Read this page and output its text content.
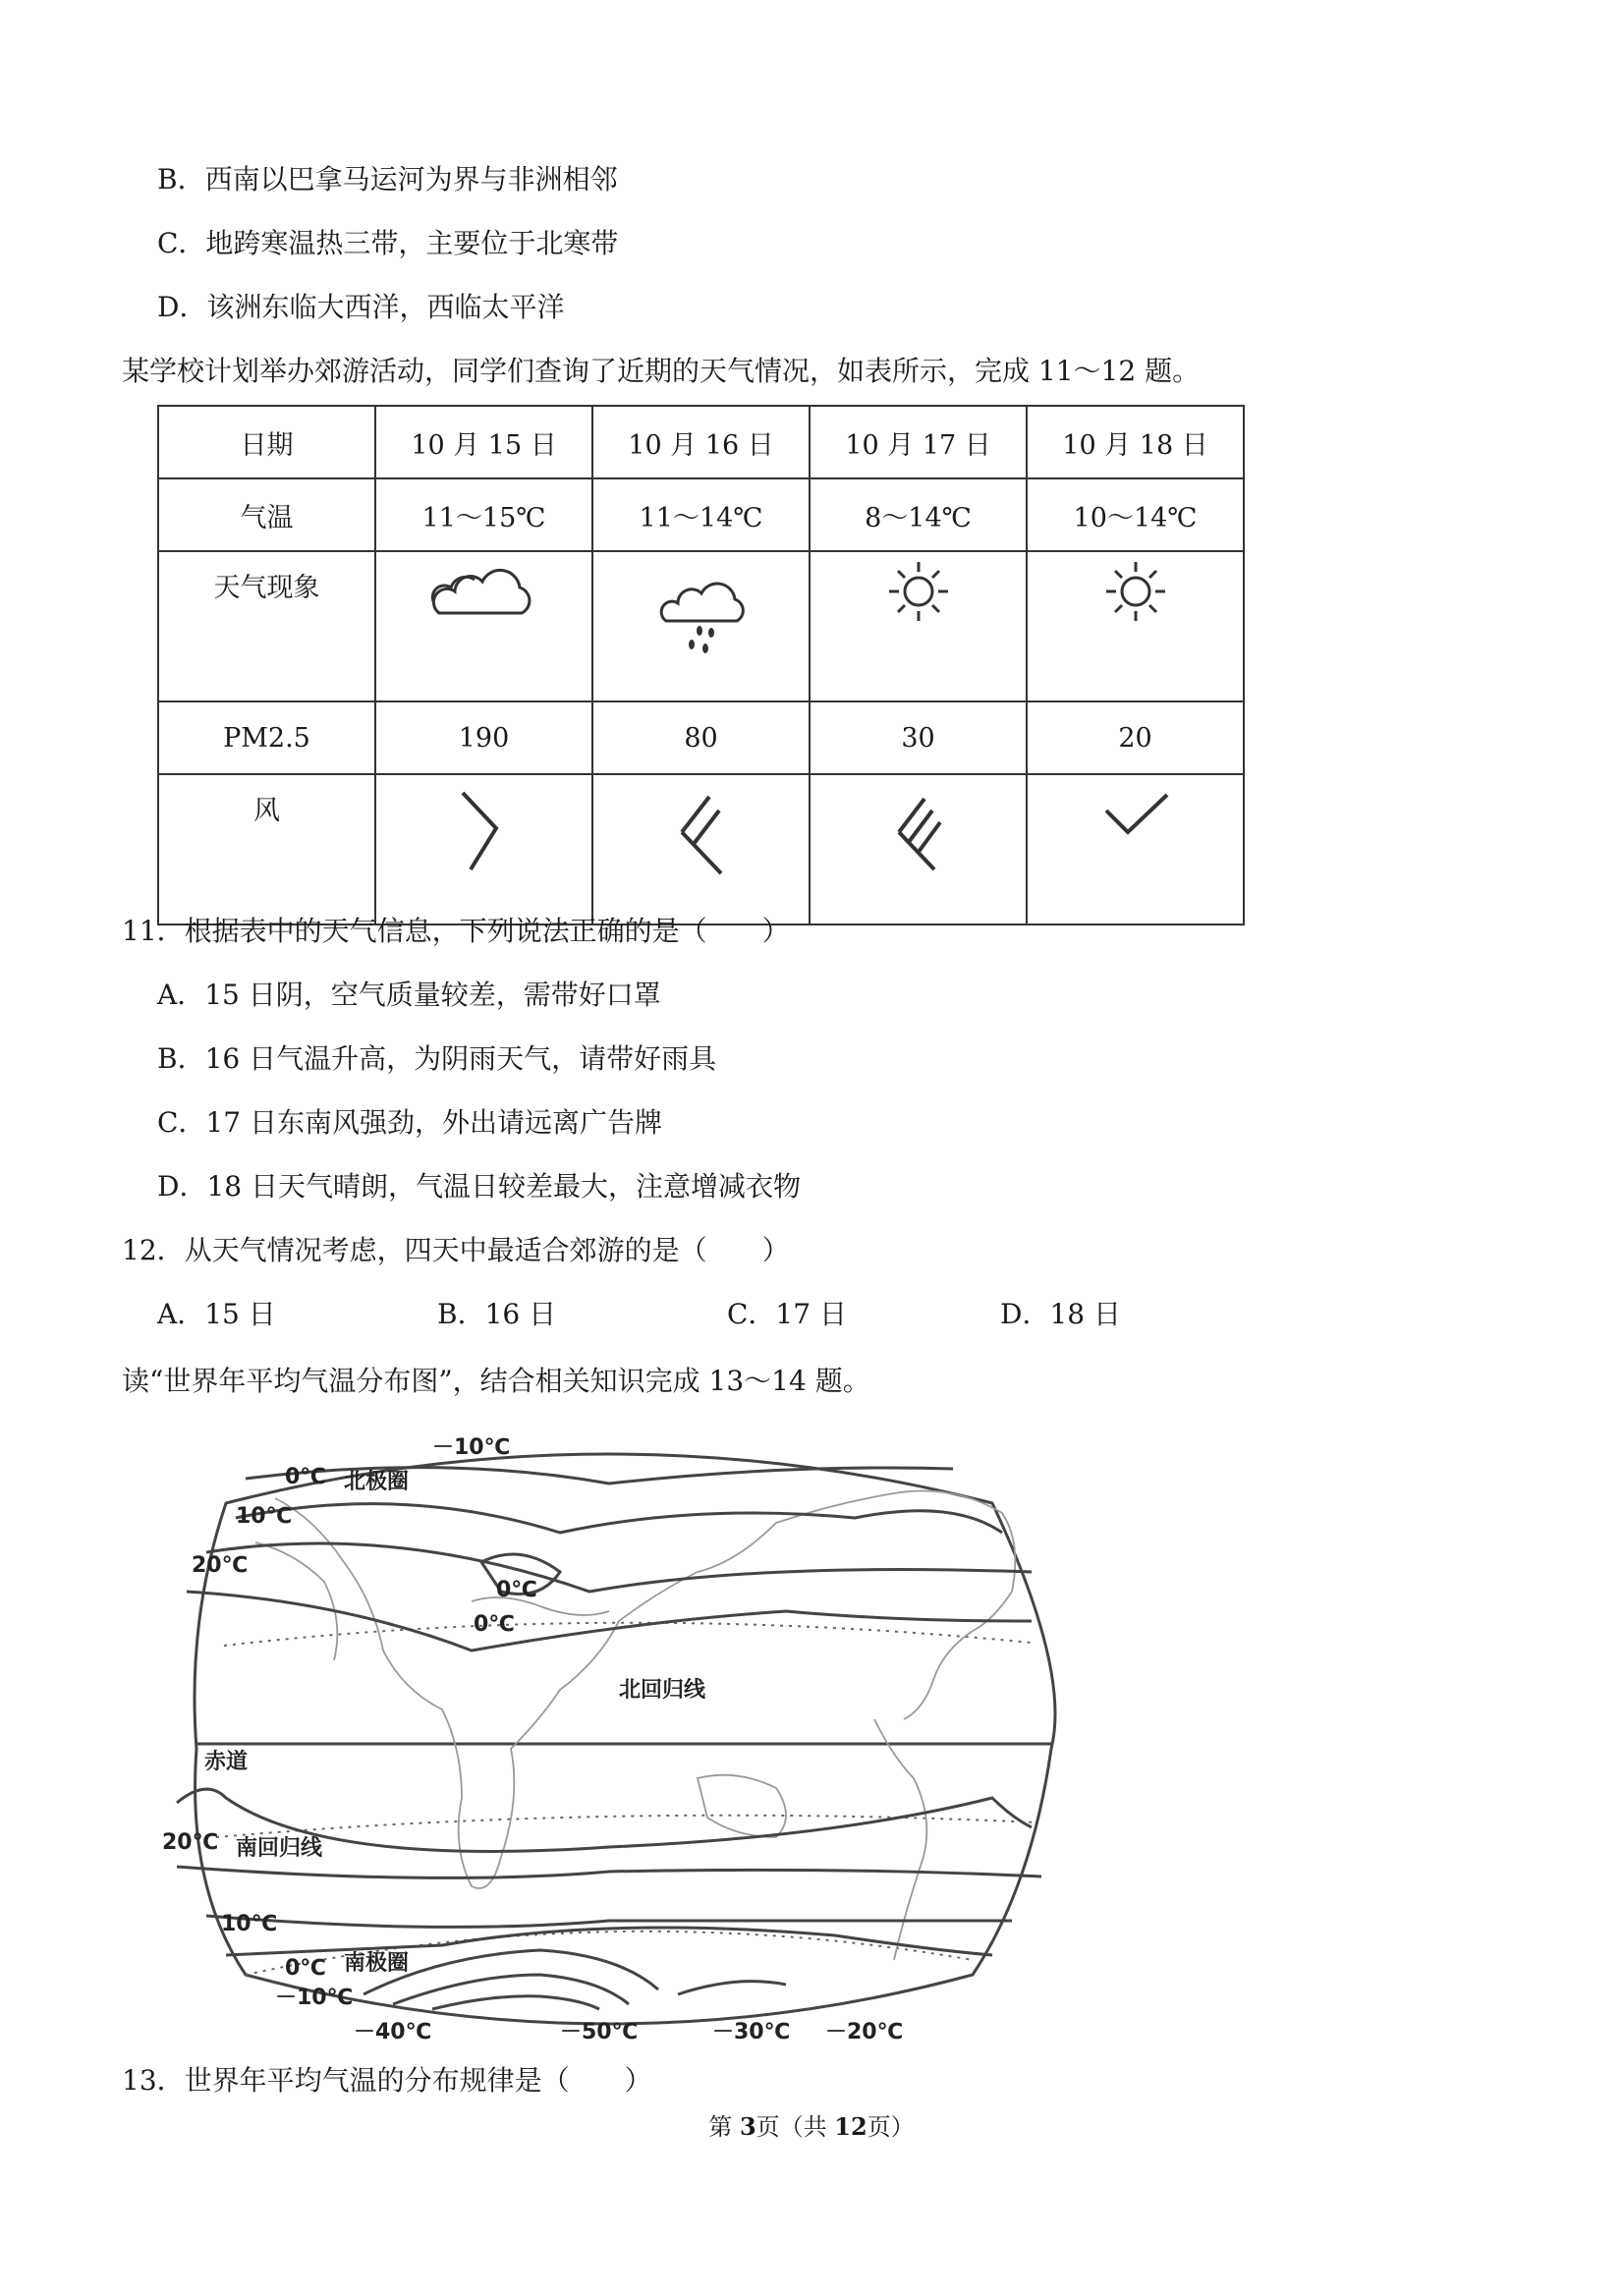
B．西南以巴拿马运河为界与非洲相邻
C．地跨寒温热三带，主要位于北寒带
D．该洲东临大西洋，西临太平洋
某学校计划举办郊游活动，同学们查询了近期的天气情况，如表所示，完成 11～12 题。
日期	10 月 15 日	10 月 16 日	10 月 17 日	10 月 18 日
气温	11～15℃	11～14℃	8～14℃	10～14℃
天气现象	

PM2.5	190	80	30	20
风	

11．根据表中的天气信息，下列说法正确的是（　　）
A．15 日阴，空气质量较差，需带好口罩
B．16 日气温升高，为阴雨天气，请带好雨具
C．17 日东南风强劲，外出请远离广告牌
D．18 日天气晴朗，气温日较差最大，注意增减衣物
12．从天气情况考虑，四天中最适合郊游的是（　　）
A．15 日	B．16 日	C．17 日	D．18 日
读“世界年平均气温分布图”，结合相关知识完成 13～14 题。
－10℃
0℃ 北极圈
10℃
20℃
0℃
0℃
北回归线
赤道
20℃ 南回归线
10℃
0℃ 南极圈
－10℃
－40℃	－50℃	－30℃ －20℃
13．世界年平均气温的分布规律是（　　）
第 3页（共 12页）
